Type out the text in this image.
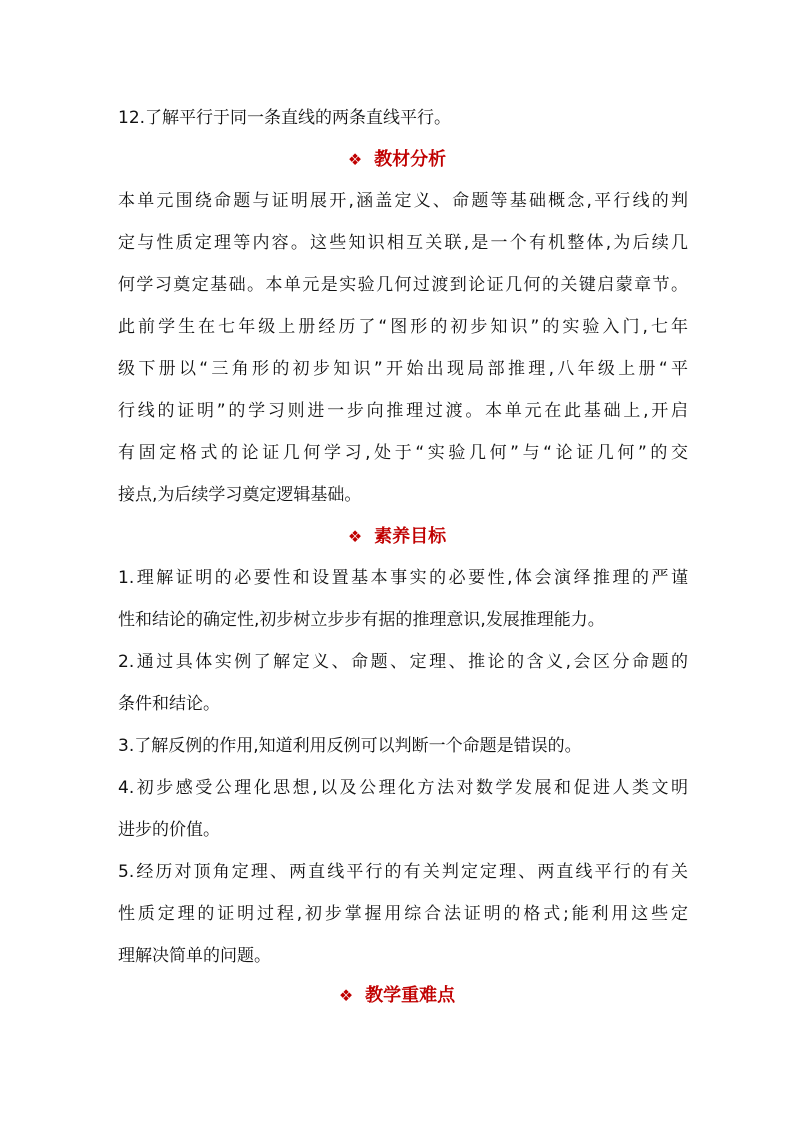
12.了解平行于同一条直线的两条直线平行。
❖ 教材分析
本单元围绕命题与证明展开,涵盖定义、命题等基础概念,平行线的判
定与性质定理等内容。这些知识相互关联,是一个有机整体,为后续几
何学习奠定基础。本单元是实验几何过渡到论证几何的关键启蒙章节。
此前学生在七年级上册经历了“图形的初步知识”的实验入门,七年
级下册以“三角形的初步知识”开始出现局部推理,八年级上册“平
行线的证明”的学习则进一步向推理过渡。本单元在此基础上,开启
有固定格式的论证几何学习,处于“实验几何”与“论证几何”的交
接点,为后续学习奠定逻辑基础。
❖ 素养目标
1.理解证明的必要性和设置基本事实的必要性,体会演绎推理的严谨
性和结论的确定性,初步树立步步有据的推理意识,发展推理能力。
2.通过具体实例了解定义、命题、定理、推论的含义,会区分命题的
条件和结论。
3.了解反例的作用,知道利用反例可以判断一个命题是错误的。
4.初步感受公理化思想,以及公理化方法对数学发展和促进人类文明
进步的价值。
5.经历对顶角定理、两直线平行的有关判定定理、两直线平行的有关
性质定理的证明过程,初步掌握用综合法证明的格式;能利用这些定
理解决简单的问题。
❖ 教学重难点
